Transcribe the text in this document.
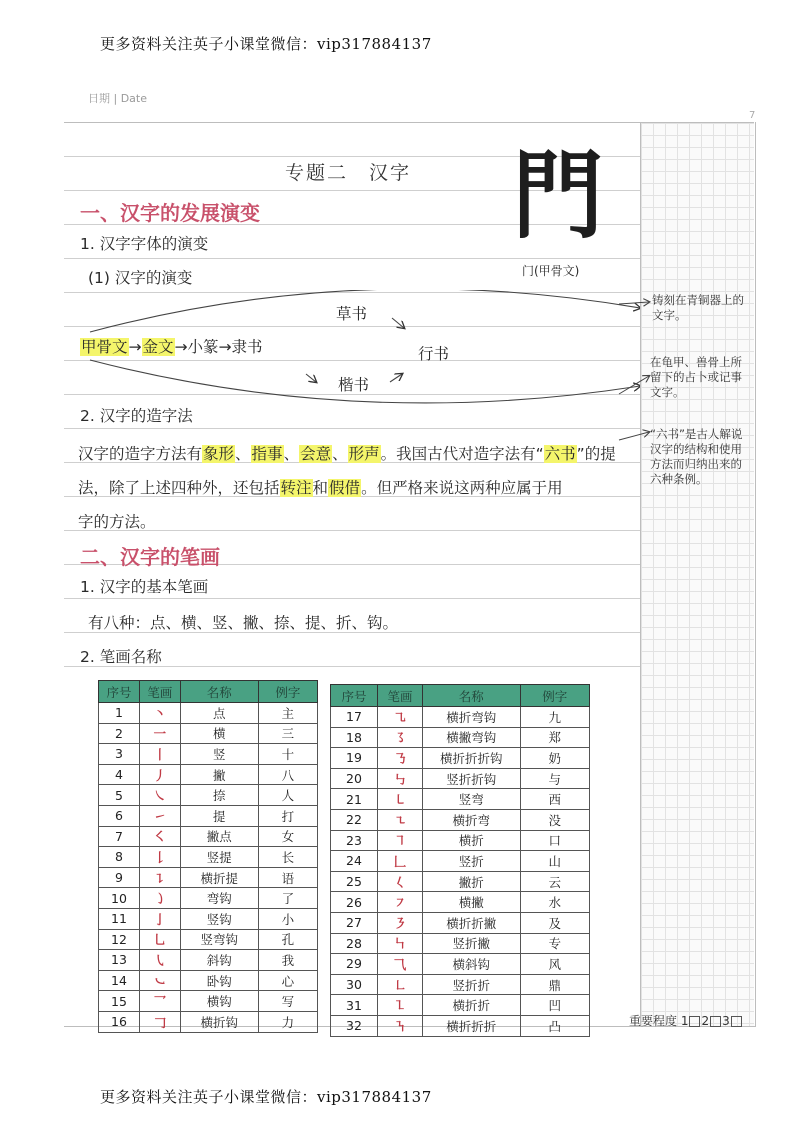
更多资料关注英子小课堂微信：vip317884137
更多资料关注英子小课堂微信：vip317884137
日期 | Date
7
专题二　汉字 門
门(甲骨文)
一、汉字的发展演变
1. 汉字字体的演变
(1) 汉字的演变
甲骨文→金文→小篆→隶书
草书
行书
楷书
2. 汉字的造字法
汉字的造字方法有象形、指事、会意、形声。我国古代对造字法有“六书”的提
法，除了上述四种外，还包括转注和假借。但严格来说这两种应属于用
字的方法。
二、汉字的笔画
1. 汉字的基本笔画
有八种：点、横、竖、撇、捺、提、折、钩。
2. 笔画名称
序号	笔画	名称	例字
1	丶	点	主
2	一	横	三
3	丨	竖	十
4	丿	撇	八
5	㇏	捺	人
6	㇀	提	打
7	㇛	撇点	女
8	𠄌	竖提	长
9	㇊	横折提	语
10	㇁	弯钩	了
11	亅	竖钩	小
12	乚	竖弯钩	孔
13	㇂	斜钩	我
14	㇃	卧钩	心
15	乛	横钩	写
16	𠃌	横折钩	力
序号	笔画	名称	例字
17	㇈	横折弯钩	九
18	㇌	横撇弯钩	郑
19	㇡	横折折折钩	奶
20	㇉	竖折折钩	与
21	㇄	竖弯	西
22	㇍	横折弯	没
23	㇕	横折	口
24	𠃊	竖折	山
25	𡿨	撇折	云
26	㇇	横撇	水
27	㇋	横折折撇	及
28	㇞	竖折撇	专
29	⺄	横斜钩	风
30	㇗	竖折折	鼎
31	㇅	横折折	凹
32	㇎	横折折折	凸
铸刻在青铜器上的文字。
在龟甲、兽骨上所留下的占卜或记事文字。
“六书”是古人解说汉字的结构和使用方法而归纳出来的六种条例。
重要程度 1 2 3
